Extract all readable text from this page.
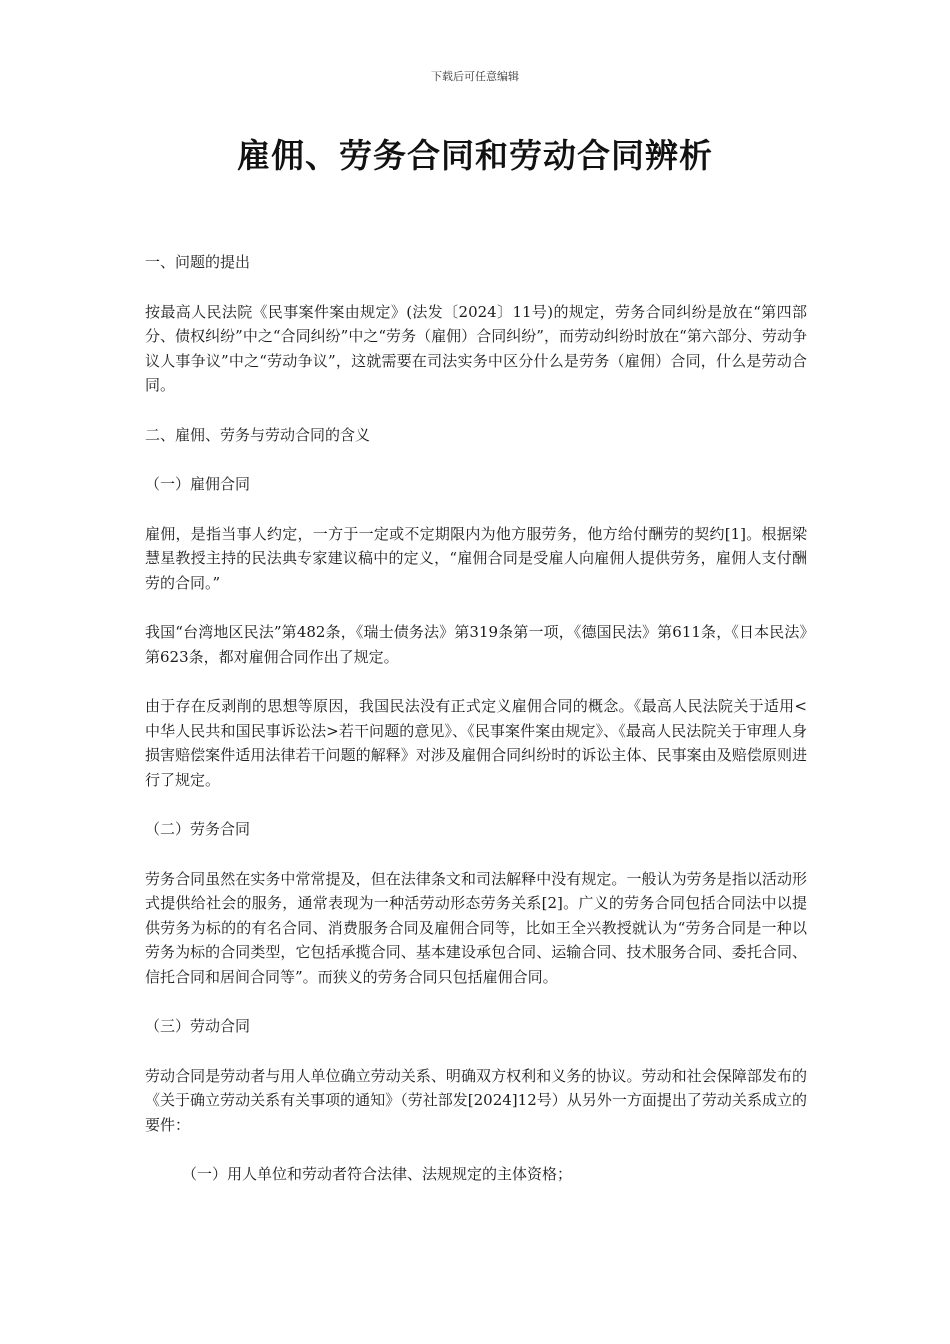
下载后可任意编辑
雇佣、劳务合同和劳动合同辨析

一、问题的提出

按最高人民法院《民事案件案由规定》(法发〔2024〕11号)的规定，劳务合同纠纷是放在“第四部分、债权纠纷”中之“合同纠纷”中之“劳务（雇佣）合同纠纷”，而劳动纠纷时放在“第六部分、劳动争议人事争议”中之“劳动争议”，这就需要在司法实务中区分什么是劳务（雇佣）合同，什么是劳动合同。

二、雇佣、劳务与劳动合同的含义

（一）雇佣合同

雇佣，是指当事人约定，一方于一定或不定期限内为他方服劳务，他方给付酬劳的契约[1]。根据梁慧星教授主持的民法典专家建议稿中的定义，“雇佣合同是受雇人向雇佣人提供劳务，雇佣人支付酬劳的合同。”

我国“台湾地区民法”第482条，《瑞士债务法》第319条第一项，《德国民法》第611条，《日本民法》第623条，都对雇佣合同作出了规定。

由于存在反剥削的思想等原因，我国民法没有正式定义雇佣合同的概念。《最高人民法院关于适用<中华人民共和国民事诉讼法>若干问题的意见》、《民事案件案由规定》、《最高人民法院关于审理人身损害赔偿案件适用法律若干问题的解释》对涉及雇佣合同纠纷时的诉讼主体、民事案由及赔偿原则进行了规定。

（二）劳务合同

劳务合同虽然在实务中常常提及，但在法律条文和司法解释中没有规定。一般认为劳务是指以活动形式提供给社会的服务，通常表现为一种活劳动形态劳务关系[2]。广义的劳务合同包括合同法中以提供劳务为标的的有名合同、消费服务合同及雇佣合同等，比如王全兴教授就认为“劳务合同是一种以劳务为标的合同类型，它包括承揽合同、基本建设承包合同、运输合同、技术服务合同、委托合同、信托合同和居间合同等”。而狭义的劳务合同只包括雇佣合同。

（三）劳动合同

劳动合同是劳动者与用人单位确立劳动关系、明确双方权利和义务的协议。劳动和社会保障部发布的《关于确立劳动关系有关事项的通知》（劳社部发[2024]12号）从另外一方面提出了劳动关系成立的要件：

（一）用人单位和劳动者符合法律、法规规定的主体资格；
